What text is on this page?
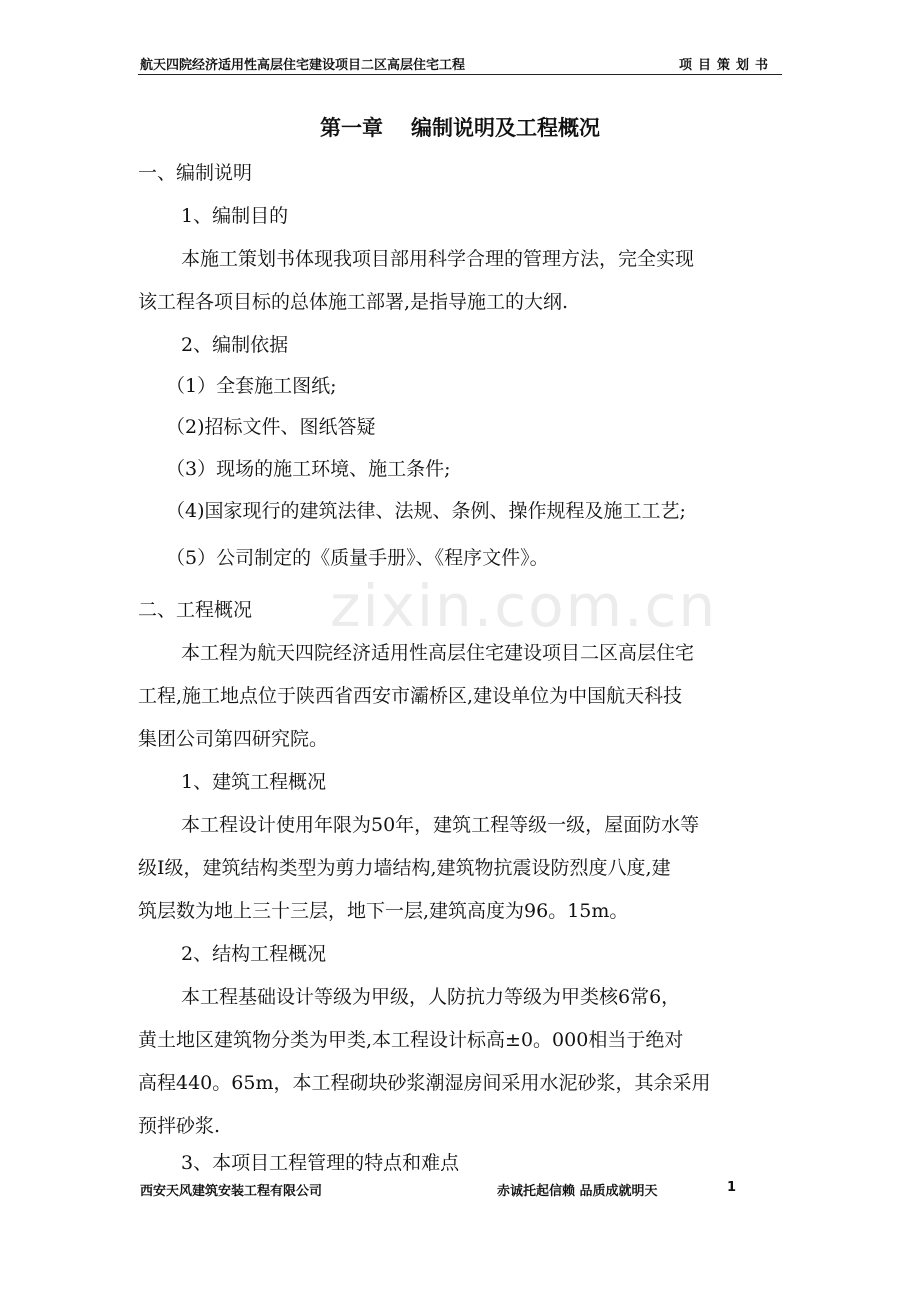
航天四院经济适用性高层住宅建设项目二区高层住宅工程	项目策划书
第一章 编制说明及工程概况
一、编制说明
1、编制目的
本施工策划书体现我项目部用科学合理的管理方法，完全实现
该工程各项目标的总体施工部署,是指导施工的大纲.
2、编制依据
（1）全套施工图纸;
（2)招标文件、图纸答疑
（3）现场的施工环境、施工条件;
（4)国家现行的建筑法律、法规、条例、操作规程及施工工艺;
（5）公司制定的《质量手册》、《程序文件》。
二、工程概况
本工程为航天四院经济适用性高层住宅建设项目二区高层住宅
工程,施工地点位于陕西省西安市灞桥区,建设单位为中国航天科技
集团公司第四研究院。
1、建筑工程概况
本工程设计使用年限为50年，建筑工程等级一级，屋面防水等
级Ⅰ级，建筑结构类型为剪力墙结构,建筑物抗震设防烈度八度,建
筑层数为地上三十三层，地下一层,建筑高度为96。15m。
2、结构工程概况
本工程基础设计等级为甲级，人防抗力等级为甲类核6常6，
黄土地区建筑物分类为甲类,本工程设计标高±0。000相当于绝对
高程440。65m，本工程砌块砂浆潮湿房间采用水泥砂浆，其余采用
预拌砂浆.
3、本项目工程管理的特点和难点
zixin.com.cn
西安天风建筑安装工程有限公司	赤诚托起信赖 品质成就明天	1
